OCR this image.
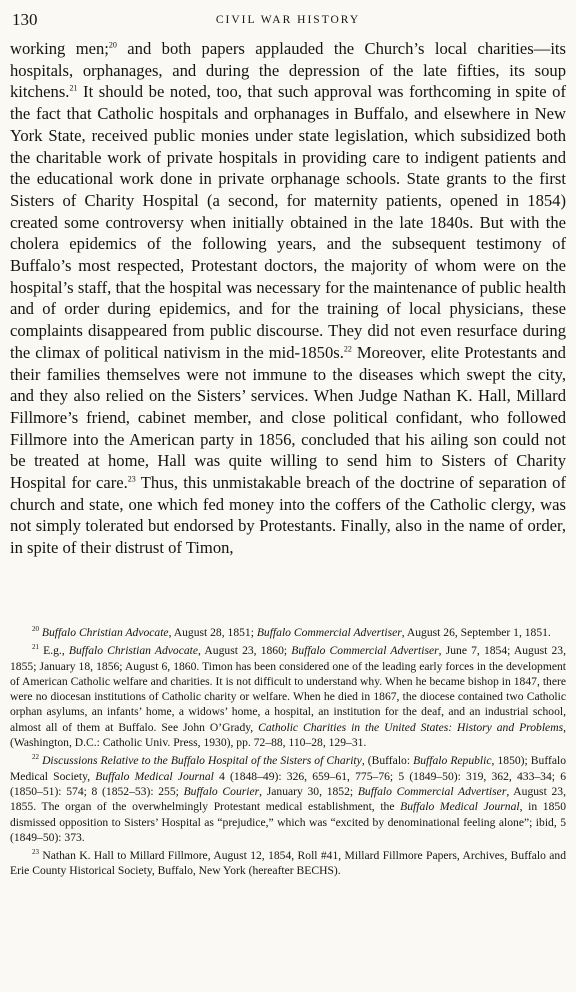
130	CIVIL WAR HISTORY

working men;$^{20}$ and both papers applauded the Church’s local charities—its hospitals, orphanages, and during the depression of the late fifties, its soup kitchens.$^{21}$ It should be noted, too, that such approval was forthcoming in spite of the fact that Catholic hospitals and orphanages in Buffalo, and elsewhere in New York State, received public monies under state legislation, which subsidized both the charitable work of private hospitals in providing care to indigent patients and the educational work done in private orphanage schools. State grants to the first Sisters of Charity Hospital (a second, for maternity patients, opened in 1854) created some controversy when initially obtained in the late 1840s. But with the cholera epidemics of the following years, and the subsequent testimony of Buffalo’s most respected, Protestant doctors, the majority of whom were on the hospital’s staff, that the hospital was necessary for the maintenance of public health and of order during epidemics, and for the training of local physicians, these complaints disappeared from public discourse. They did not even resurface during the climax of political nativism in the mid-1850s.$^{22}$ Moreover, elite Protestants and their families themselves were not immune to the diseases which swept the city, and they also relied on the Sisters’ services. When Judge Nathan K. Hall, Millard Fillmore’s friend, cabinet member, and close political confidant, who followed Fillmore into the American party in 1856, concluded that his ailing son could not be treated at home, Hall was quite willing to send him to Sisters of Charity Hospital for care.$^{23}$ Thus, this unmistakable breach of the doctrine of separation of church and state, one which fed money into the coffers of the Catholic clergy, was not simply tolerated but endorsed by Protestants. Finally, also in the name of order, in spite of their distrust of Timon,

$^{20}$ Buffalo Christian Advocate, August 28, 1851; Buffalo Commercial Advertiser, August 26, September 1, 1851.

$^{21}$ E.g., Buffalo Christian Advocate, August 23, 1860; Buffalo Commercial Advertiser, June 7, 1854; August 23, 1855; January 18, 1856; August 6, 1860. Timon has been considered one of the leading early forces in the development of American Catholic welfare and charities. It is not difficult to understand why. When he became bishop in 1847, there were no diocesan institutions of Catholic charity or welfare. When he died in 1867, the diocese contained two Catholic orphan asylums, an infants’ home, a widows’ home, a hospital, an institution for the deaf, and an industrial school, almost all of them at Buffalo. See John O’Grady, Catholic Charities in the United States: History and Problems, (Washington, D.C.: Catholic Univ. Press, 1930), pp. 72–88, 110–28, 129–31.

$^{22}$ Discussions Relative to the Buffalo Hospital of the Sisters of Charity, (Buffalo: Buffalo Republic, 1850); Buffalo Medical Society, Buffalo Medical Journal 4 (1848–49): 326, 659–61, 775–76; 5 (1849–50): 319, 362, 433–34; 6 (1850–51): 574; 8 (1852–53): 255; Buffalo Courier, January 30, 1852; Buffalo Commercial Advertiser, August 23, 1855. The organ of the overwhelmingly Protestant medical establishment, the Buffalo Medical Journal, in 1850 dismissed opposition to Sisters’ Hospital as “prejudice,” which was “excited by denominational feeling alone”; ibid, 5 (1849–50): 373.

$^{23}$ Nathan K. Hall to Millard Fillmore, August 12, 1854, Roll #41, Millard Fillmore Papers, Archives, Buffalo and Erie County Historical Society, Buffalo, New York (hereafter BECHS).
